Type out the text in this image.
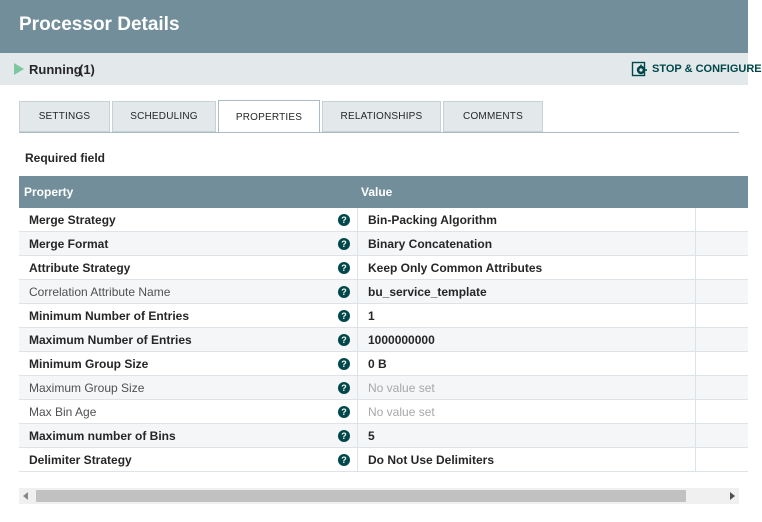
Processor Details
Running
(1)	STOP & CONFIGURE
SETTINGS	SCHEDULING	PROPERTIES	RELATIONSHIPS	COMMENTS
Required field
Property	Value
Merge Strategy	? Bin-Packing Algorithm
Merge Format	? Binary Concatenation
Attribute Strategy	? Keep Only Common Attributes
Correlation Attribute Name	? bu_service_template
Minimum Number of Entries	? 1
Maximum Number of Entries	? 1000000000
Minimum Group Size	? 0 B
Maximum Group Size	? No value set
Max Bin Age	? No value set
Maximum number of Bins	? 5
Delimiter Strategy	? Do Not Use Delimiters
